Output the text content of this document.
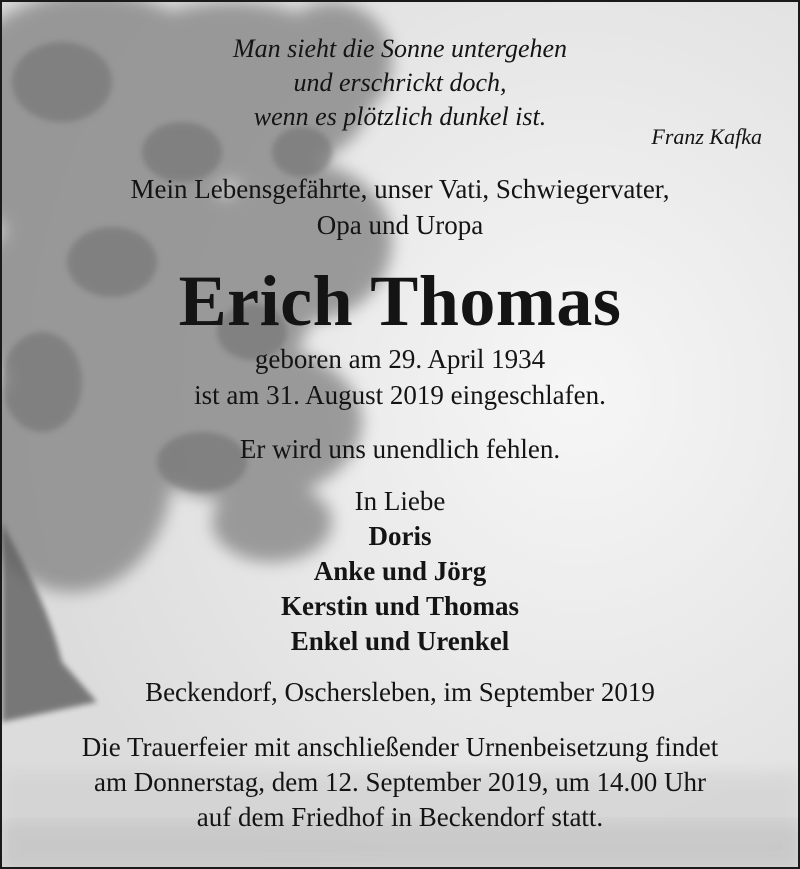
Man sieht die Sonne untergehen
und erschrickt doch,
wenn es plötzlich dunkel ist.
Franz Kafka
Mein Lebensgefährte, unser Vati, Schwiegervater,
Opa und Uropa
Erich Thomas
geboren am 29. April 1934
ist am 31. August 2019 eingeschlafen.
Er wird uns unendlich fehlen.
In Liebe
Doris
Anke und Jörg
Kerstin und Thomas
Enkel und Urenkel
Beckendorf, Oschersleben, im September 2019
Die Trauerfeier mit anschließender Urnenbeisetzung findet
am Donnerstag, dem 12. September 2019, um 14.00 Uhr
auf dem Friedhof in Beckendorf statt.
